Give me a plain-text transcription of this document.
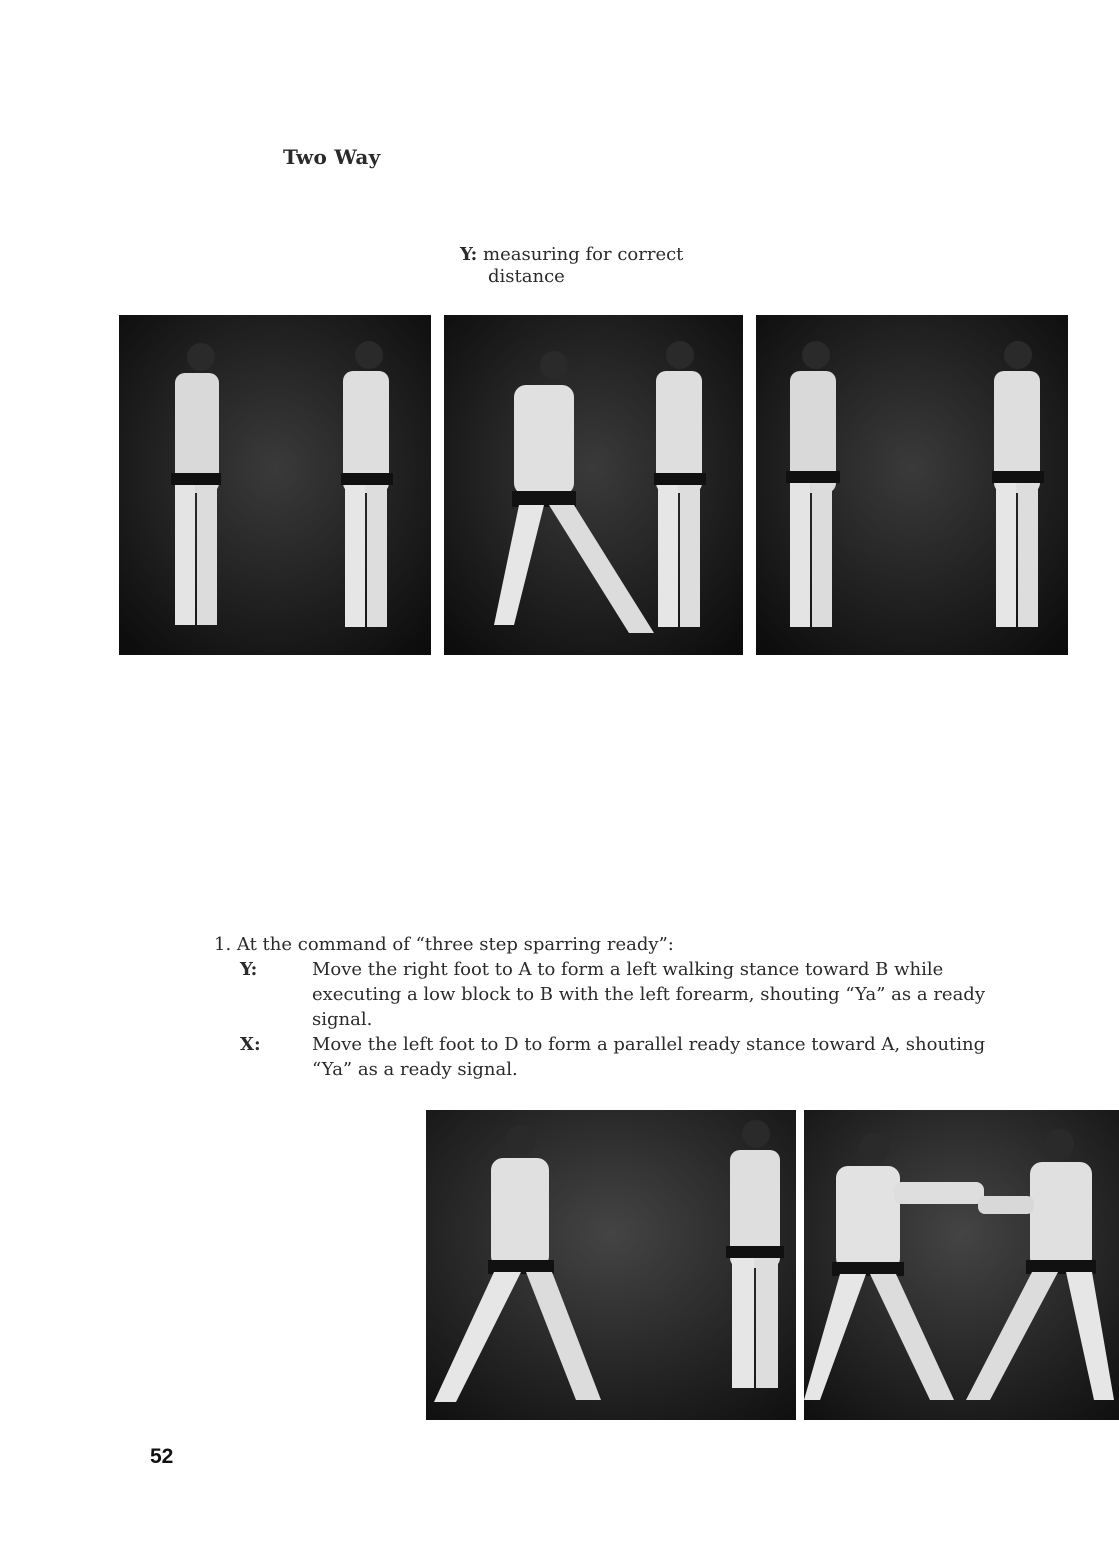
Two Way
Y: measuring for correct
distance
1. At the command of “three step sparring ready”:
Y:	Move the right foot to A to form a left walking stance toward B while executing a low block to B with the left forearm, shouting “Ya” as a ready signal.
X:	Move the left foot to D to form a parallel ready stance toward A, shouting “Ya” as a ready signal.
52
